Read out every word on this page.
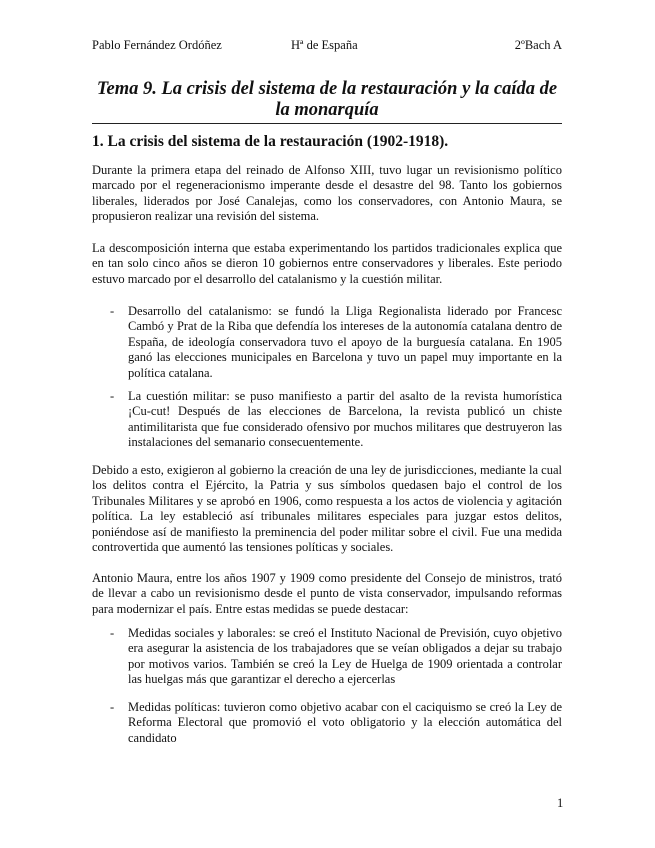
Pablo Fernández Ordóñez	Hª de España	2ºBach A
Tema 9. La crisis del sistema de la restauración y la caída de la monarquía
1. La crisis del sistema de la restauración (1902-1918).

Durante la primera etapa del reinado de Alfonso XIII, tuvo lugar un revisionismo político marcado por el regeneracionismo imperante desde el desastre del 98. Tanto los gobiernos liberales, liderados por José Canalejas, como los conservadores, con Antonio Maura, se propusieron realizar una revisión del sistema.

La descomposición interna que estaba experimentando los partidos tradicionales explica que en tan solo cinco años se dieron 10 gobiernos entre conservadores y liberales. Este periodo estuvo marcado por el desarrollo del catalanismo y la cuestión militar.

- Desarrollo del catalanismo: se fundó la Lliga Regionalista liderado por Francesc Cambó y Prat de la Riba que defendía los intereses de la autonomía catalana dentro de España, de ideología conservadora tuvo el apoyo de la burguesía catalana. En 1905 ganó las elecciones municipales en Barcelona y tuvo un papel muy importante en la política catalana.
- La cuestión militar: se puso manifiesto a partir del asalto de la revista humorística ¡Cu-cut! Después de las elecciones de Barcelona, la revista publicó un chiste antimilitarista que fue considerado ofensivo por muchos militares que destruyeron las instalaciones del semanario consecuentemente.

Debido a esto, exigieron al gobierno la creación de una ley de jurisdicciones, mediante la cual los delitos contra el Ejército, la Patria y sus símbolos quedasen bajo el control de los Tribunales Militares y se aprobó en 1906, como respuesta a los actos de violencia y agitación política. La ley estableció así tribunales militares especiales para juzgar estos delitos, poniéndose así de manifiesto la preminencia del poder militar sobre el civil. Fue una medida controvertida que aumentó las tensiones políticas y sociales.

Antonio Maura, entre los años 1907 y 1909 como presidente del Consejo de ministros, trató de llevar a cabo un revisionismo desde el punto de vista conservador, impulsando reformas para modernizar el país. Entre estas medidas se puede destacar:

- Medidas sociales y laborales: se creó el Instituto Nacional de Previsión, cuyo objetivo era asegurar la asistencia de los trabajadores que se veían obligados a dejar su trabajo por motivos varios. También se creó la Ley de Huelga de 1909 orientada a controlar las huelgas más que garantizar el derecho a ejercerlas
- Medidas políticas: tuvieron como objetivo acabar con el caciquismo se creó la Ley de Reforma Electoral que promovió el voto obligatorio y la elección automática del candidato
1
